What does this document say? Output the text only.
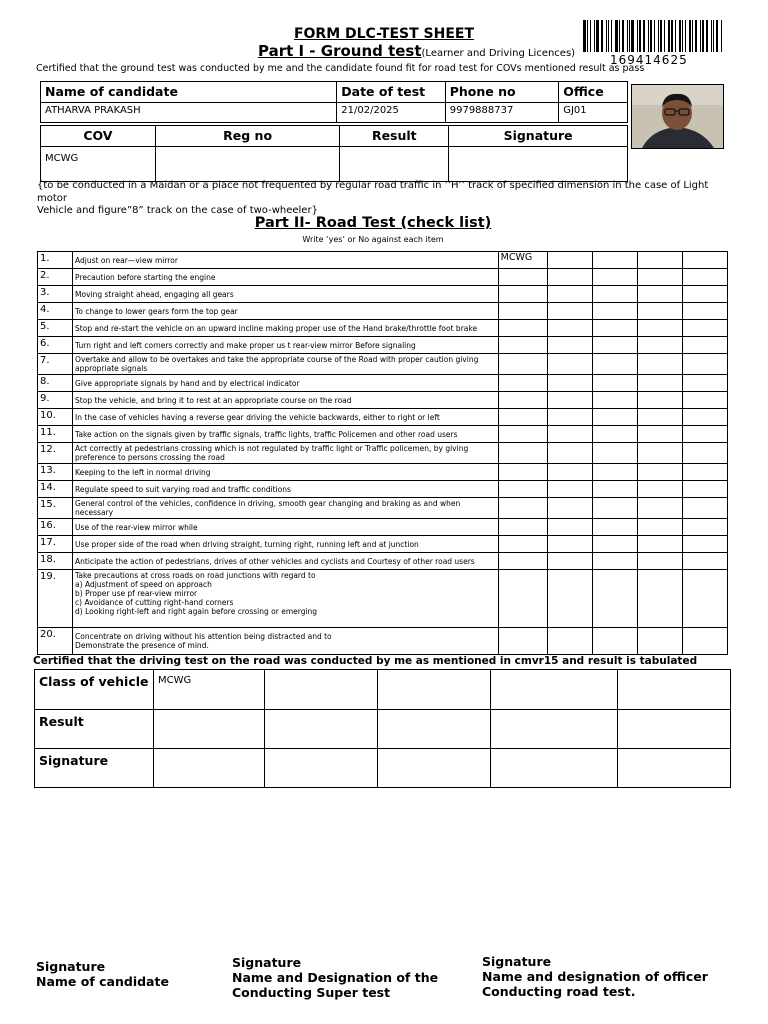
FORM DLC-TEST SHEET
Part I - Ground test(Learner and Driving Licences)	169414625
Certified that the ground test was conducted by me and the candidate found fit for road test for COVs mentioned result as pass
Name of candidate	Date of test	Phone no	Office
ATHARVA PRAKASH	21/02/2025	9979888737	GJ01
COV	Reg no	Result	Signature
MCWG			
{to be conducted in a Maidan or a place not frequented by regular road traffic in ’’H’’ track of specified dimension in the case of Light motor
Vehicle and figure”8” track on the case of two-wheeler}
Part II- Road Test (check list)
Write ‘yes’ or No against each item
1.	Adjust on rear—view mirror	MCWG				
2.	Precaution before starting the engine					

3.	Moving straight ahead, engaging all gears					

4.	To change to lower gears form the top gear					

5.	Stop and re-start the vehicle on an upward incline making proper use of the Hand brake/throttle foot brake					

6.	Turn right and left corners correctly and make proper us t rear-view mirror Before signaling					

7.	Overtake and allow to be overtakes and take the appropriate course of the Road with proper caution giving appropriate signals					

8.	Give appropriate signals by hand and by electrical indicator					

9.	Stop the vehicle, and bring it to rest at an appropriate course on the road					

10.	In the case of vehicles having a reverse gear driving the vehicle backwards, either to right or left					

11.	Take action on the signals given by traffic signals, traffic lights, traffic Policemen and other road users					

12.	Act correctly at pedestrians crossing which is not regulated by traffic light or Traffic policemen, by giving preference to persons crossing the road					

13.	Keeping to the left in normal driving					

14.	Regulate speed to suit varying road and traffic conditions					

15.	General control of the vehicles, confidence in driving, smooth gear changing and braking as and when necessary					

16.	Use of the rear-view mirror while					

17.	Use proper side of the road when driving straight, turning right, running left and at junction					

18.	Anticipate the action of pedestrians, drives of other vehicles and cyclists and Courtesy of other road users					

19.	Take precautions at cross roads on road junctions with regard to
a) Adjustment of speed on approach
b) Proper use pf rear-view mirror
c) Avoidance of cutting right-hand corners
d) Looking right-left and right again before crossing or emerging					

20.	Concentrate on driving without his attention being distracted and to
Demonstrate the presence of mind.					

Certified that the driving test on the road was conducted by me as mentioned in cmvr15 and result is tabulated
Class of vehicle	MCWG				
Result					
Signature					
Signature
Name of candidate
Signature
Name and Designation of the
Conducting Super test
Signature
Name and designation of officer
Conducting road test.
